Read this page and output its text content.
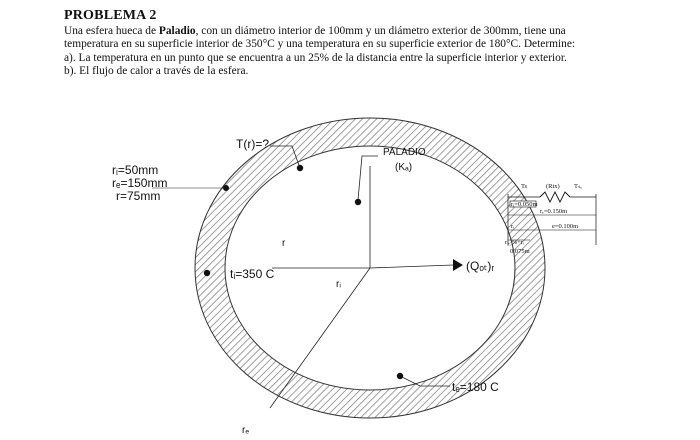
PROBLEMA 2

Una esfera hueca de Paladio, con un diámetro interior de 100mm y un diámetro exterior de 300mm, tiene una

temperatura en su superficie interior de 350°C y una temperatura en su superficie exterior de 180°C. Determine:

a). La temperatura en un punto que se encuentra a un 25% de la distancia entre la superficie interior y exterior.

b). El flujo de calor a través de la esfera.

T(r)=?
PALADIO
(Kₐ)
rᵢ=50mm
rₑ=150mm
r=75mm
r
tᵢ=350 C
rᵢ
(Qₒₜ)ᵣ
tₑ=180 C
rₑ
Ts	(Rtx) Tₛₑ
rᵢ=0.050m
rₑ=0.150m
rᵢ	e=0.100m
r₂₅%+rᵢ
0.075m
